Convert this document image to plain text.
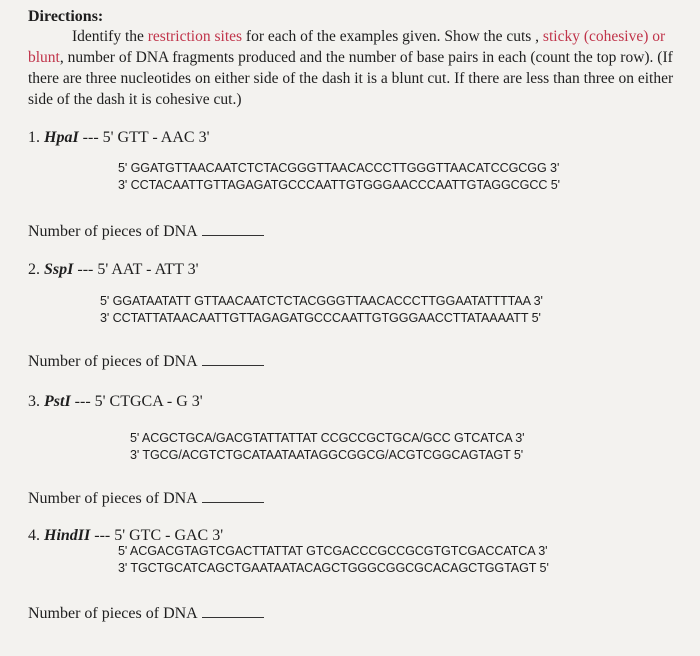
Directions:
Identify the restriction sites for each of the examples given. Show the cuts , sticky (cohesive) or blunt, number of DNA fragments produced and the number of base pairs in each (count the top row). (If there are three nucleotides on either side of the dash it is a blunt cut. If there are less than three on either side of the dash it is cohesive cut.)
1. HpaI --- 5' GTT - AAC 3'
5' GGATGTTAACAATCTCTACGGGTTAACACCCTTGGGTTAACATCCGCGG 3'
3' CCTACAATTGTTAGAGATGCCCAATTGTGGGAACCCAATTGTAGGCGCC 5'
Number of pieces of DNA
2. SspI --- 5' AAT - ATT 3'
5' GGATAATATT GTTAACAATCTCTACGGGTTAACACCCTTGGAATATTTTAA 3'
3' CCTATTATAACAATTGTTAGAGATGCCCAATTGTGGGAACCTTATAAAATT 5'
Number of pieces of DNA
3. PstI --- 5' CTGCA - G 3'
5' ACGCTGCA/GACGTATTATTAT CCGCCGCTGCA/GCC GTCATCA 3'
3' TGCG/ACGTCTGCATAATAATAGGCGGCG/ACGTCGGCAGTAGT 5'
Number of pieces of DNA
4. HindII --- 5' GTC - GAC 3'
5' ACGACGTAGTCGACTTATTAT GTCGACCCGCCGCGTGTCGACCATCA 3'
3' TGCTGCATCAGCTGAATAATACAGCTGGGCGGCGCACAGCTGGTAGT 5'
Number of pieces of DNA
